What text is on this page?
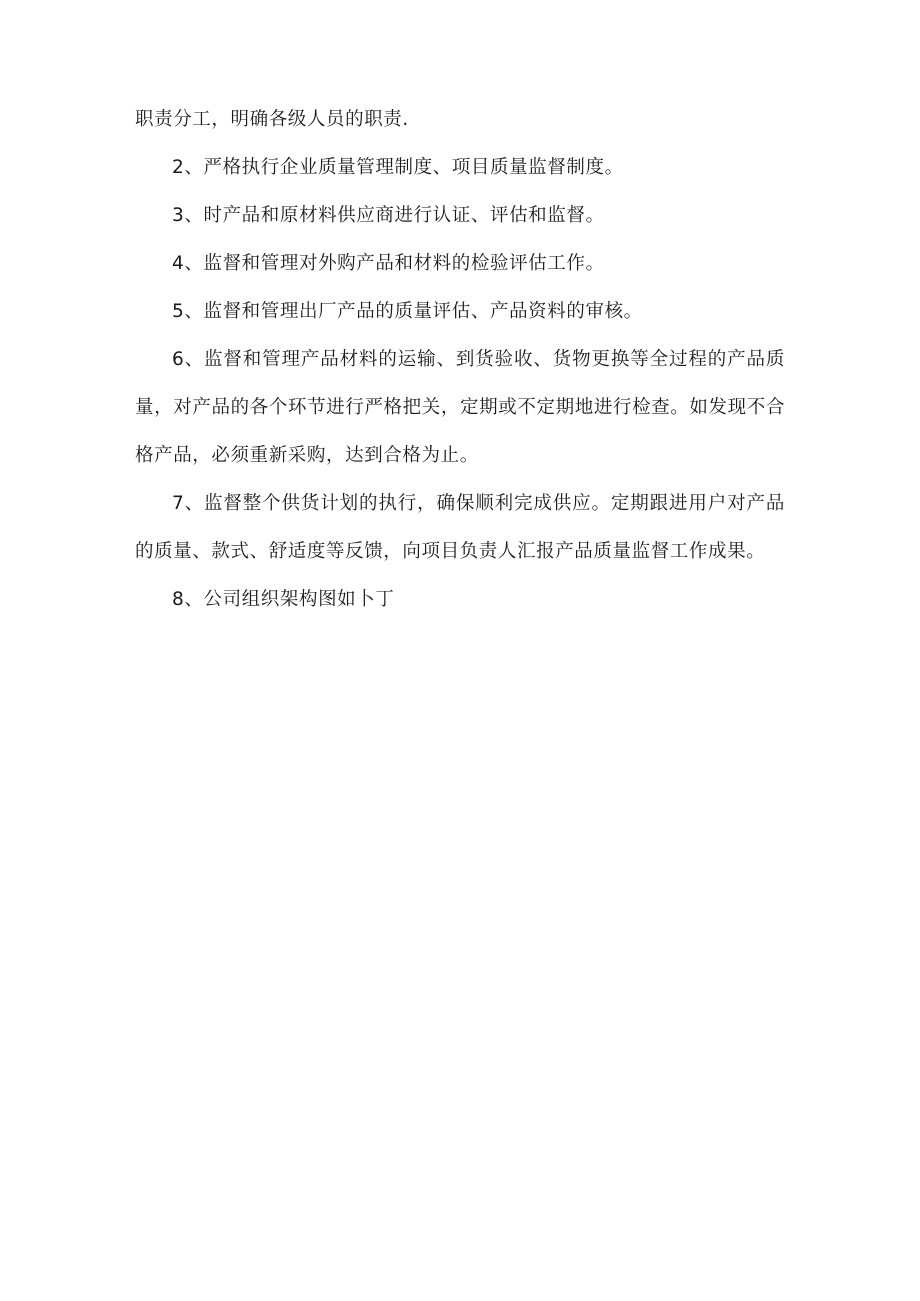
职责分工，明确各级人员的职责.

2、严格执行企业质量管理制度、项目质量监督制度。

3、时产品和原材料供应商进行认证、评估和监督。

4、监督和管理对外购产品和材料的检验评估工作。

5、监督和管理出厂产品的质量评估、产品资料的审核。

6、监督和管理产品材料的运输、到货验收、货物更换等全过程的产品质量，对产品的各个环节进行严格把关，定期或不定期地进行检查。如发现不合格产品，必须重新采购，达到合格为止。

7、监督整个供货计划的执行，确保顺利完成供应。定期跟进用户对产品的质量、款式、舒适度等反馈，向项目负责人汇报产品质量监督工作成果。

8、公司组织架构图如卜丁
